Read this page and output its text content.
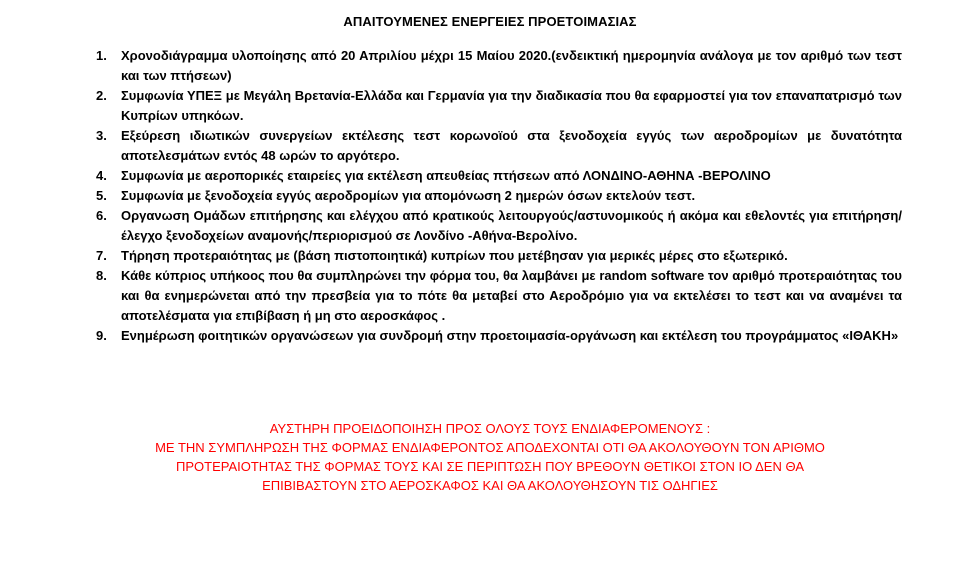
ΑΠΑΙΤΟΥΜΕΝΕΣ ΕΝΕΡΓΕΙΕΣ ΠΡΟΕΤΟΙΜΑΣΙΑΣ
1. Χρονοδιάγραμμα υλοποίησης από 20 Απριλίου μέχρι 15 Μαίου 2020.(ενδεικτική ημερομηνία ανάλογα με τον αριθμό των τεστ και των πτήσεων)
2. Συμφωνία ΥΠΕΞ με Μεγάλη Βρετανία-Ελλάδα και Γερμανία για την διαδικασία που θα εφαρμοστεί για τον επαναπατρισμό των Κυπρίων υπηκόων.
3. Εξεύρεση ιδιωτικών συνεργείων εκτέλεσης τεστ κορωνοϊού στα ξενοδοχεία εγγύς των αεροδρομίων με δυνατότητα αποτελεσμάτων εντός 48 ωρών το αργότερο.
4. Συμφωνία με αεροπορικές εταιρείες για εκτέλεση απευθείας πτήσεων από ΛΟΝΔΙΝΟ-ΑΘΗΝΑ -ΒΕΡΟΛΙΝΟ
5. Συμφωνία με ξενοδοχεία εγγύς αεροδρομίων για απομόνωση 2 ημερών όσων εκτελούν τεστ.
6. Οργανωση Ομάδων επιτήρησης και ελέγχου από κρατικούς λειτουργούς/αστυνομικούς ή ακόμα και εθελοντές για επιτήρηση/ έλεγχο ξενοδοχείων αναμονής/περιορισμού σε Λονδίνο -Αθήνα-Βερολίνο.
7. Τήρηση προτεραιότητας με (βάση πιστοποιητικά) κυπρίων που μετέβησαν για μερικές μέρες στο εξωτερικό.
8. Κάθε κύπριος υπήκοος που θα συμπληρώνει την φόρμα του, θα λαμβάνει με random software τον αριθμό προτεραιότητας του και θα ενημερώνεται από την πρεσβεία για το πότε θα μεταβεί στο Αεροδρόμιο για να εκτελέσει το τεστ και να αναμένει τα αποτελέσματα για επιβίβαση ή μη στο αεροσκάφος .
9. Ενημέρωση φοιτητικών οργανώσεων για συνδρομή στην προετοιμασία-οργάνωση και εκτέλεση του προγράμματος «ΙΘΑΚΗ»
ΑΥΣΤΗΡΗ ΠΡΟΕΙΔΟΠΟΙΗΣΗ ΠΡΟΣ ΟΛΟΥΣ ΤΟΥΣ ΕΝΔΙΑΦΕΡΟΜΕΝΟΥΣ :
ΜΕ ΤΗΝ ΣΥΜΠΛΗΡΩΣΗ ΤΗΣ ΦΟΡΜΑΣ ΕΝΔΙΑΦΕΡΟΝΤΟΣ ΑΠΟΔΕΧΟΝΤΑΙ ΟΤΙ ΘΑ ΑΚΟΛΟΥΘΟΥΝ ΤΟΝ ΑΡΙΘΜΟ
ΠΡΟΤΕΡΑΙΟΤΗΤΑΣ ΤΗΣ ΦΟΡΜΑΣ ΤΟΥΣ ΚΑΙ ΣΕ ΠΕΡΙΠΤΩΣΗ ΠΟΥ ΒΡΕΘΟΥΝ ΘΕΤΙΚΟΙ ΣΤΟΝ ΙΟ ΔΕΝ ΘΑ
ΕΠΙΒΙΒΑΣΤΟΥΝ ΣΤΟ ΑΕΡΟΣΚΑΦΟΣ ΚΑΙ ΘΑ ΑΚΟΛΟΥΘΗΣΟΥΝ ΤΙΣ ΟΔΗΓΙΕΣ
